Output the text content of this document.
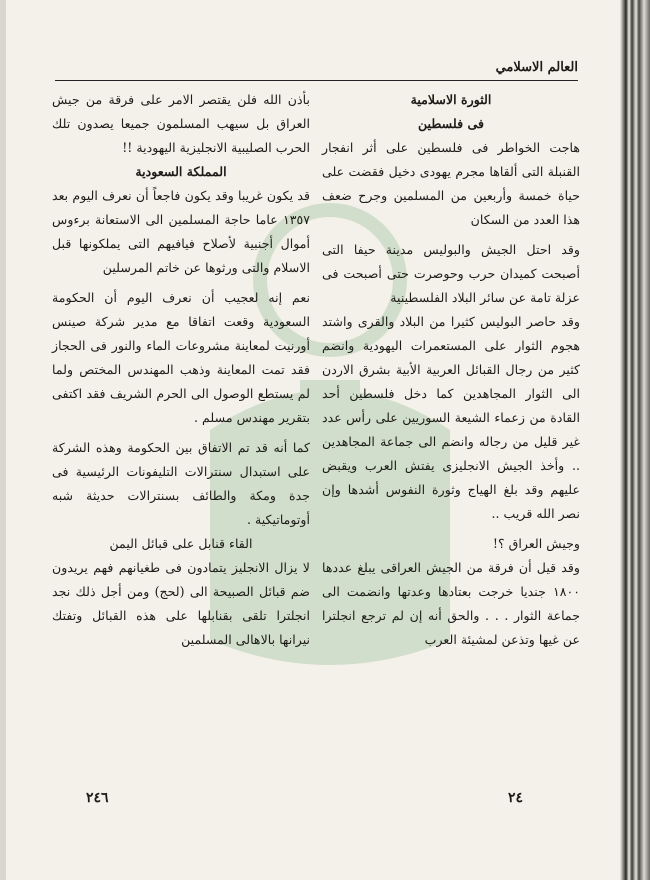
العالم الاسلامي

الثورة الاسلامية

فى فلسطين

هاجت الخواطر فى فلسطين على أثر انفجار القنبلة التى ألقاها مجرم يهودى دخيل فقضت على حياة خمسة وأربعين من المسلمين وجرح ضعف هذا العدد من السكان

وقد احتل الجيش والبوليس مدينة حيفا التى أصبحت كميدان حرب وحوصرت حتى أصبحت فى عزلة تامة عن سائر البلاد الفلسطينية

وقد حاصر البوليس كثيرا من البلاد والقرى واشتد هجوم الثوار على المستعمرات اليهودية وانضم كثير من رجال القبائل العربية الأبية بشرق الاردن الى الثوار المجاهدين كما دخل فلسطين أحد القادة من زعماء الشيعة السوريين على رأس عدد غير قليل من رجاله وانضم الى جماعة المجاهدين .. وأخذ الجيش الانجليزى يفتش العرب ويقبض عليهم وقد بلغ الهياج وثورة النفوس أشدها وإن نصر الله قريب ..

وجيش العراق ؟!

وقد قيل أن فرقة من الجيش العراقى يبلغ عددها ١٨٠٠ جنديا خرجت بعتادها وعدتها وانضمت الى جماعة الثوار . . . والحق أنه إن لم ترجع انجلترا عن غيها وتذعن لمشيئة العرب

بأذن الله فلن يقتصر الامر على فرقة من جيش العراق بل سيهب المسلمون جميعا يصدون تلك الحرب الصليبية الانجليزية اليهودية !!

المملكة السعودية

قد يكون غريبا وقد يكون فاجعاً أن نعرف اليوم بعد ١٣٥٧ عاما حاجة المسلمين الى الاستعانة برءوس أموال أجنبية لأصلاح فيافيهم التى يملكونها قبل الاسلام والتى ورثوها عن خاتم المرسلين

نعم إنه لعجيب أن نعرف اليوم أن الحكومة السعودية وقعت اتفاقا مع مدير شركة صينس أورنيت لمعاينة مشروعات الماء والنور فى الحجاز فقد تمت المعاينة وذهب المهندس المختص ولما لم يستطع الوصول الى الحرم الشريف فقد اكتفى بتقرير مهندس مسلم .

كما أنه قد تم الاتفاق بين الحكومة وهذه الشركة على استبدال سنترالات التليفونات الرئيسية فى جدة ومكة والطائف بسنترالات حديثة شبه أوتوماتيكية .

القاء قنابل على قبائل اليمن

لا يزال الانجليز يتمادون فى طغيانهم فهم يريدون ضم قبائل الصبيحة الى (لحج) ومن أجل ذلك نجد انجلترا تلقى بقنابلها على هذه القبائل وتفتك نيرانها بالاهالى المسلمين

٢٤
٢٤٦
